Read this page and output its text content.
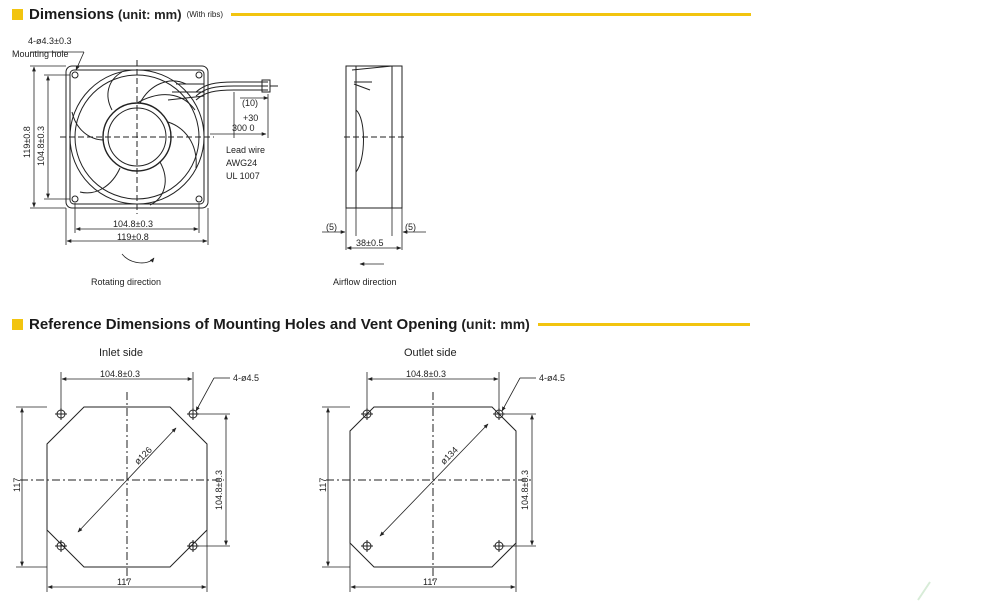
Dimensions (unit: mm) (With ribs)
Reference Dimensions of Mounting Holes and Vent Opening (unit: mm)
4-ø4.3±0.3
Mounting hole
(10)
+30
300 0
Lead wire
AWG24
UL 1007
104.8±0.3
119±0.8
119±0.8 104.8±0.3
Rotating direction
(5)	(5)
38±0.5
Airflow direction
Inlet side
104.8±0.3	4-ø4.5
ø126
104.8±0.3
117
117
Outlet side
104.8±0.3	4-ø4.5
ø134
104.8±0.3
117
117
